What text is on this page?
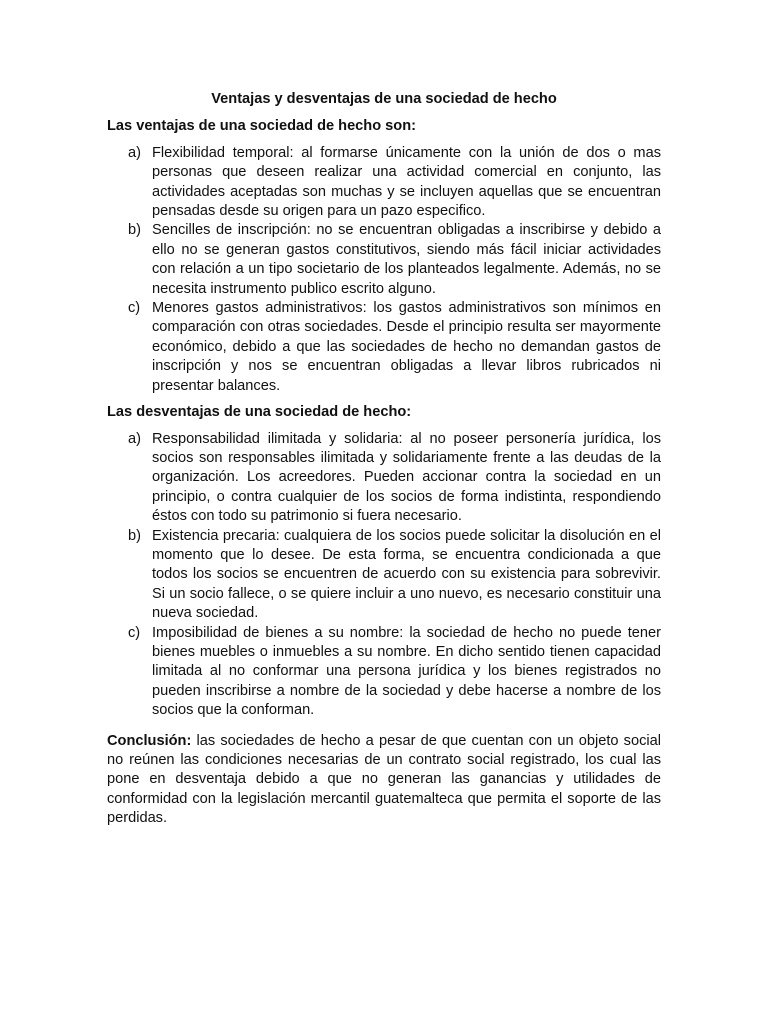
Ventajas y desventajas de una sociedad de hecho
Las ventajas de una sociedad de hecho son:
a) Flexibilidad temporal: al formarse únicamente con la unión de dos o mas personas que deseen realizar una actividad comercial en conjunto, las actividades aceptadas son muchas y se incluyen aquellas que se encuentran pensadas desde su origen para un pazo especifico.
b) Sencilles de inscripción: no se encuentran obligadas a inscribirse y debido a ello no se generan gastos constitutivos, siendo más fácil iniciar actividades con relación a un tipo societario de los planteados legalmente. Además, no se necesita instrumento publico escrito alguno.
c) Menores gastos administrativos: los gastos administrativos son mínimos en comparación con otras sociedades. Desde el principio resulta ser mayormente económico, debido a que las sociedades de hecho no demandan gastos de inscripción y nos se encuentran obligadas a llevar libros rubricados ni presentar balances.
Las desventajas de una sociedad de hecho:
a) Responsabilidad ilimitada y solidaria: al no poseer personería jurídica, los socios son responsables ilimitada y solidariamente frente a las deudas de la organización. Los acreedores. Pueden accionar contra la sociedad en un principio, o contra cualquier de los socios de forma indistinta, respondiendo éstos con todo su patrimonio si fuera necesario.
b) Existencia precaria: cualquiera de los socios puede solicitar la disolución en el momento que lo desee. De esta forma, se encuentra condicionada a que todos los socios se encuentren de acuerdo con su existencia para sobrevivir. Si un socio fallece, o se quiere incluir a uno nuevo, es necesario constituir una nueva sociedad.
c) Imposibilidad de bienes a su nombre: la sociedad de hecho no puede tener bienes muebles o inmuebles a su nombre. En dicho sentido tienen capacidad limitada al no conformar una persona jurídica y los bienes registrados no pueden inscribirse a nombre de la sociedad y debe hacerse a nombre de los socios que la conforman.

Conclusión: las sociedades de hecho a pesar de que cuentan con un objeto social no reúnen las condiciones necesarias de un contrato social registrado, los cual las pone en desventaja debido a que no generan las ganancias y utilidades de conformidad con la legislación mercantil guatemalteca que permita el soporte de las perdidas.
